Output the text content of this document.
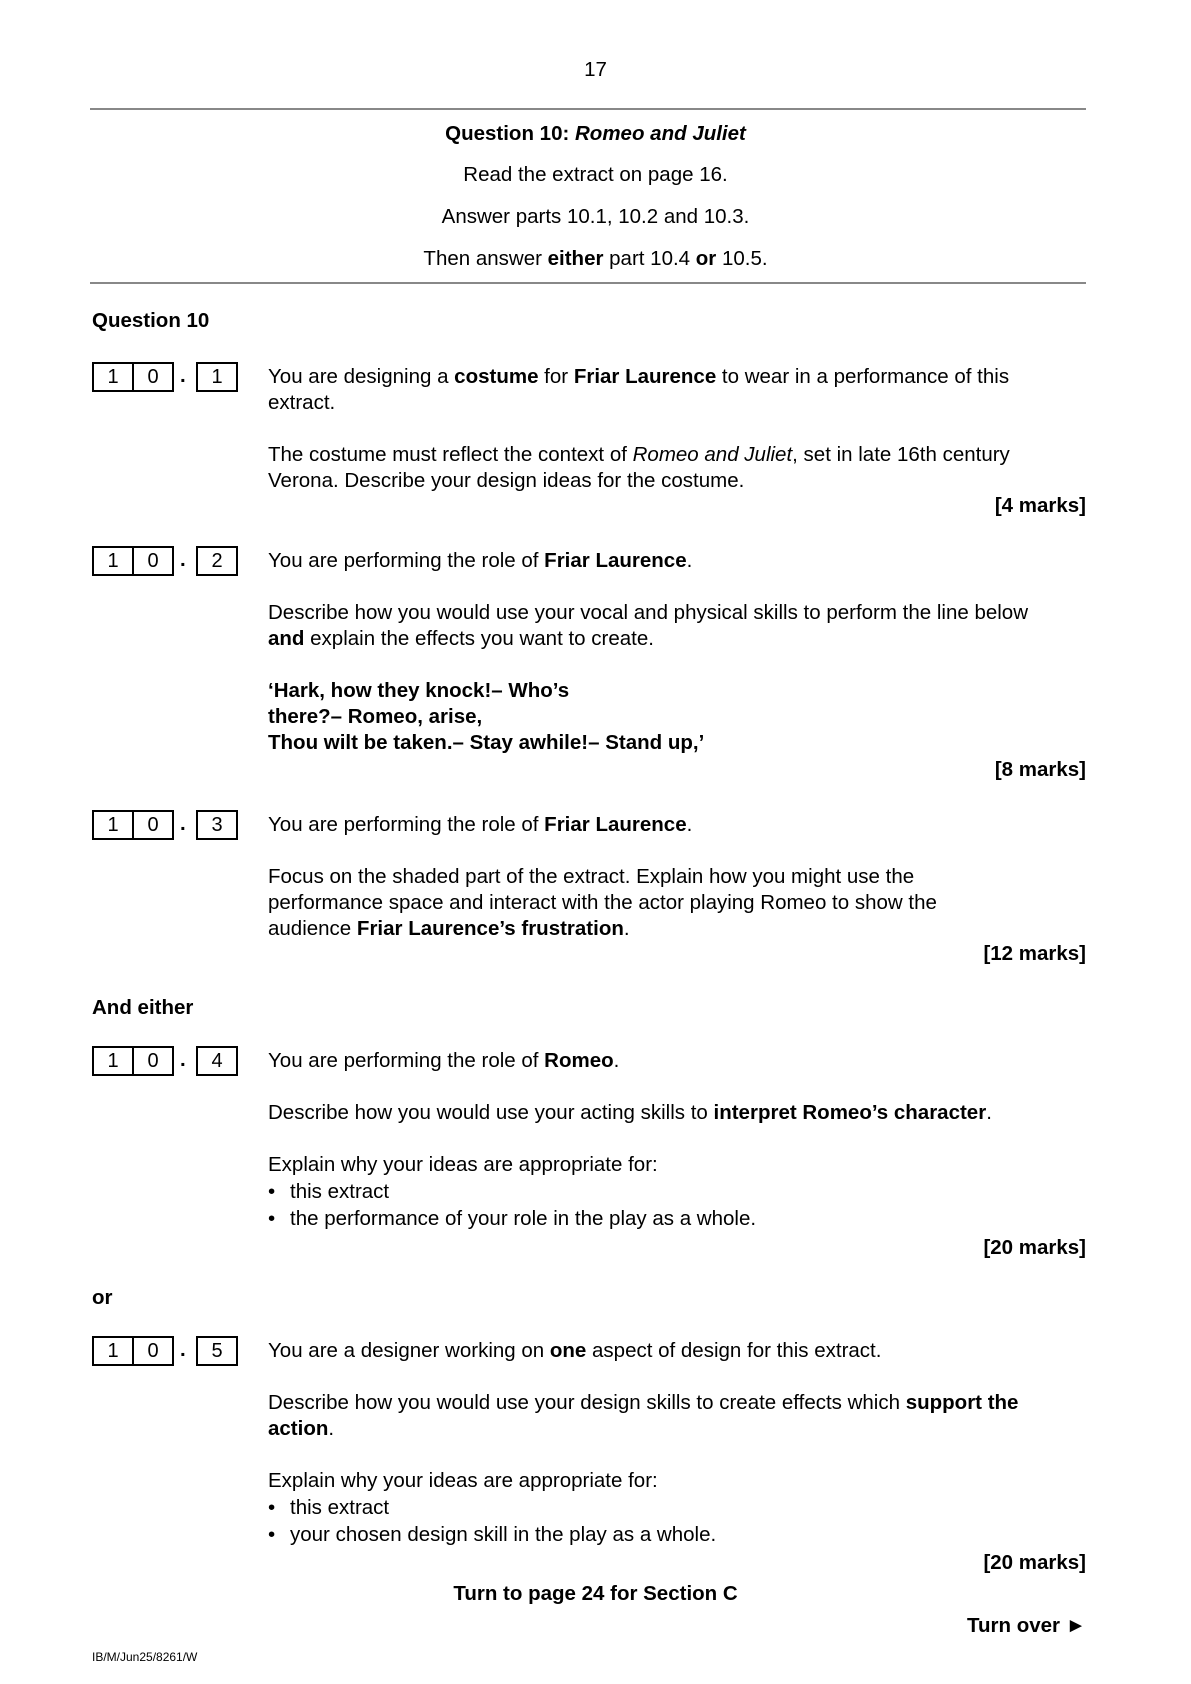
17
Question 10: Romeo and Juliet
Read the extract on page 16.
Answer parts 10.1, 10.2 and 10.3.
Then answer either part 10.4 or 10.5.
Question 10
1	0	.	1	You are designing a costume for Friar Laurence to wear in a performance of this extract.
The costume must reflect the context of Romeo and Juliet, set in late 16th century Verona. Describe your design ideas for the costume.
[4 marks]
1	0	.	2	You are performing the role of Friar Laurence.
Describe how you would use your vocal and physical skills to perform the line below and explain the effects you want to create.
‘Hark, how they knock!– Who’s
there?– Romeo, arise,
Thou wilt be taken.– Stay awhile!– Stand up,’
[8 marks]
1	0	.	3	You are performing the role of Friar Laurence.
Focus on the shaded part of the extract. Explain how you might use the performance space and interact with the actor playing Romeo to show the audience Friar Laurence’s frustration.
[12 marks]
And either
1	0	.	4	You are performing the role of Romeo.
Describe how you would use your acting skills to interpret Romeo’s character.
Explain why your ideas are appropriate for:
• this extract
• the performance of your role in the play as a whole.
[20 marks]
or
1	0	.	5	You are a designer working on one aspect of design for this extract.
Describe how you would use your design skills to create effects which support the action.
Explain why your ideas are appropriate for:
• this extract
• your chosen design skill in the play as a whole.
[20 marks]
Turn to page 24 for Section C
Turn over ►
IB/M/Jun25/8261/W
